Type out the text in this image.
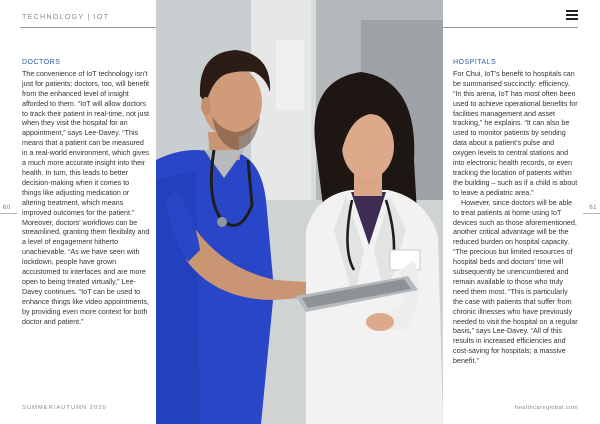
TECHNOLOGY | IOT
60	61
DOCTORS

The convenience of IoT technology isn’t just for patients: doctors, too, will benefit from the enhanced level of insight afforded to them. “IoT will allow doctors to track their patient in real-time, not just when they visit the hospital for an appointment,” says Lee-Davey. “This means that a patient can be measured in a real-world environment, which gives a much more accurate insight into their health. In turn, this leads to better decision-making when it comes to things like adjusting medication or altering treatment, which means improved outcomes for the patient.” Moreover, doctors’ workflows can be streamlined, granting them flexibility and a level of engagement hitherto unachievable. “As we have seen with lockdown, people have grown accustomed to interfaces and are more open to being treated virtually,” Lee-Davey continues. “IoT can be used to enhance things like video appointments, by providing even more context for both doctor and patient.”

HOSPITALS

For Chui, IoT’s benefit to hospitals can be summarised succinctly: efficiency. “In this arena, IoT has most often been used to achieve operational benefits for facilities management and asset tracking,” he explains. “It can also be used to monitor patients by sending data about a patient’s pulse and oxygen levels to central stations and into electronic health records, or even tracking the location of patients within the building – such as if a child is about to leave a pediatric area.”

However, since doctors will be able to treat patients at home using IoT devices such as those aforementioned, another critical advantage will be the reduced burden on hospital capacity. “The precious but limited resources of hospital beds and doctors’ time will subsequently be unencumbered and remain available to those who truly need them most. “This is particularly the case with patients that suffer from chronic illnesses who have previously needed to visit the hospital on a regular basis,” says Lee-Davey. “All of this results in increased efficiencies and cost-saving for hospitals; a massive benefit.”

SUMMER/AUTUMN 2020	healthcareglobal.com
